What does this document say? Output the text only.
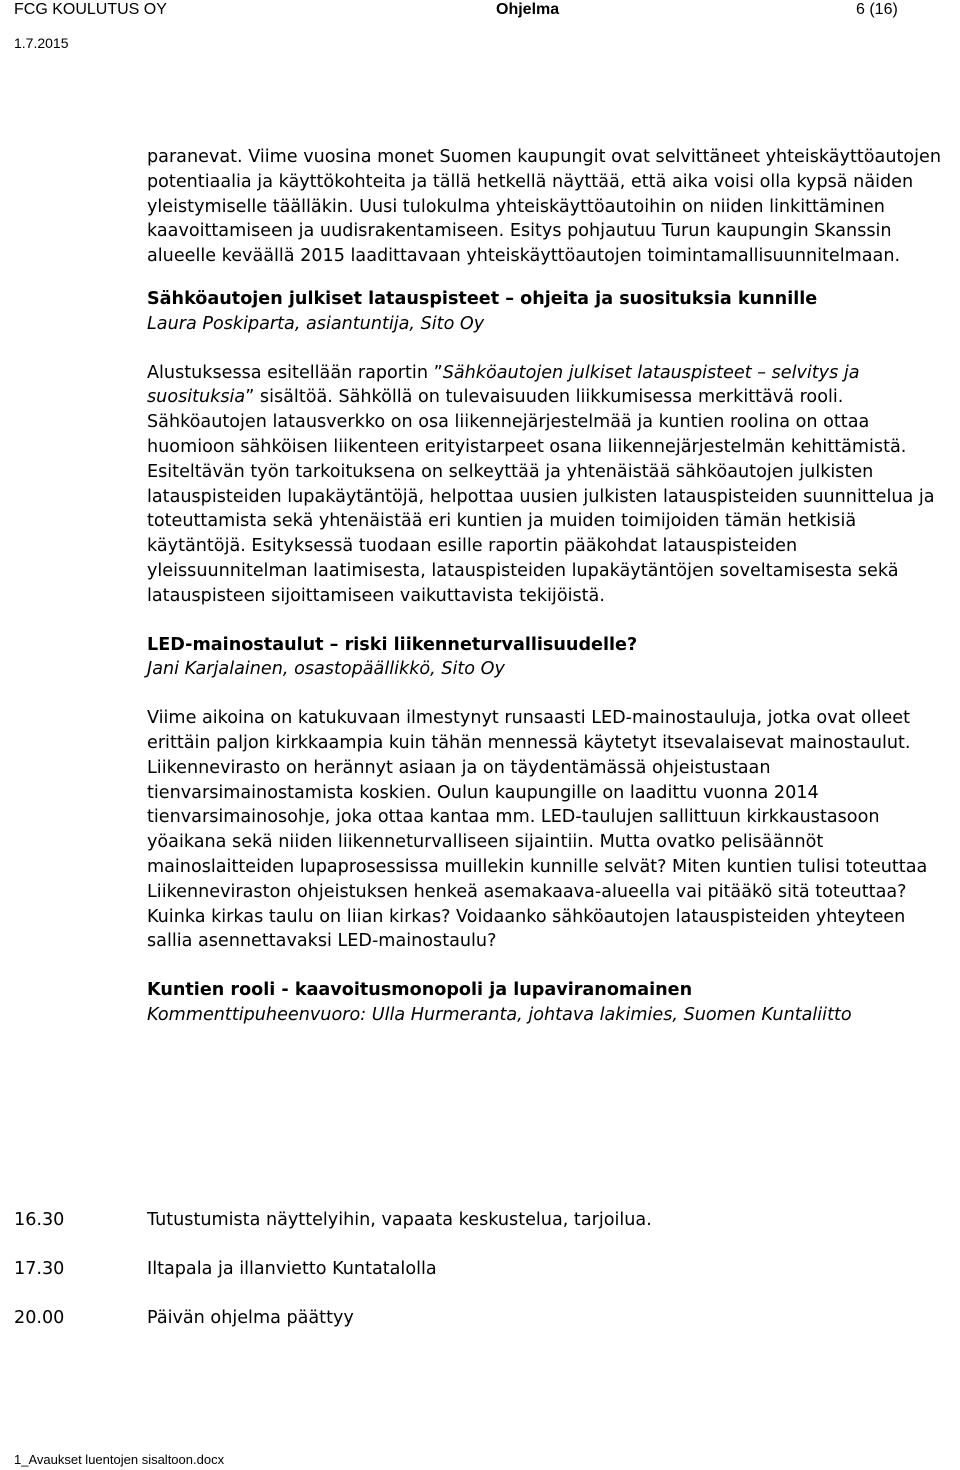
FCG KOULUTUS OY	Ohjelma	6 (16)
1.7.2015

paranevat. Viime vuosina monet Suomen kaupungit ovat selvittäneet yhteiskäyttöautojen potentiaalia ja käyttökohteita ja tällä hetkellä näyttää, että aika voisi olla kypsä näiden yleistymiselle täälläkin. Uusi tulokulma yhteiskäyttöautoihin on niiden linkittäminen kaavoittamiseen ja uudisrakentamiseen. Esitys pohjautuu Turun kaupungin Skanssin alueelle keväällä 2015 laadittavaan yhteiskäyttöautojen toimintamallisuunnitelmaan.

Sähköautojen julkiset latauspisteet – ohjeita ja suosituksia kunnille

Laura Poskiparta, asiantuntija, Sito Oy

Alustuksessa esitellään raportin ”Sähköautojen julkiset latauspisteet – selvitys ja suosituksia” sisältöä. Sähköllä on tulevaisuuden liikkumisessa merkittävä rooli. Sähköautojen latausverkko on osa liikennejärjestelmää ja kuntien roolina on ottaa huomioon sähköisen liikenteen erityistarpeet osana liikennejärjestelmän kehittämistä. Esiteltävän työn tarkoituksena on selkeyttää ja yhtenäistää sähköautojen julkisten latauspisteiden lupakäytäntöjä, helpottaa uusien julkisten latauspisteiden suunnittelua ja toteuttamista sekä yhtenäistää eri kuntien ja muiden toimijoiden tämän hetkisiä käytäntöjä. Esityksessä tuodaan esille raportin pääkohdat latauspisteiden yleissuunnitelman laatimisesta, latauspisteiden lupakäytäntöjen soveltamisesta sekä latauspisteen sijoittamiseen vaikuttavista tekijöistä.

LED-mainostaulut – riski liikenneturvallisuudelle?

Jani Karjalainen, osastopäällikkö, Sito Oy

Viime aikoina on katukuvaan ilmestynyt runsaasti LED-mainostauluja, jotka ovat olleet erittäin paljon kirkkaampia kuin tähän mennessä käytetyt itsevalaisevat mainostaulut. Liikennevirasto on herännyt asiaan ja on täydentämässä ohjeistustaan

tienvarsimainostamista koskien. Oulun kaupungille on laadittu vuonna 2014 tienvarsimainosohje, joka ottaa kantaa mm. LED-taulujen sallittuun kirkkaustasoon yöaikana sekä niiden liikenneturvalliseen sijaintiin. Mutta ovatko pelisäännöt mainoslaitteiden lupaprosessissa muillekin kunnille selvät? Miten kuntien tulisi toteuttaa Liikenneviraston ohjeistuksen henkeä asemakaava-alueella vai pitääkö sitä toteuttaa? Kuinka kirkas taulu on liian kirkas? Voidaanko sähköautojen latauspisteiden yhteyteen sallia asennettavaksi LED-mainostaulu?

Kuntien rooli - kaavoitusmonopoli ja lupaviranomainen

Kommenttipuheenvuoro: Ulla Hurmeranta, johtava lakimies, Suomen Kuntaliitto

16.30	Tutustumista näyttelyihin, vapaata keskustelua, tarjoilua.
17.30	Iltapala ja illanvietto Kuntatalolla
20.00	Päivän ohjelma päättyy
1_Avaukset luentojen sisaltoon.docx
